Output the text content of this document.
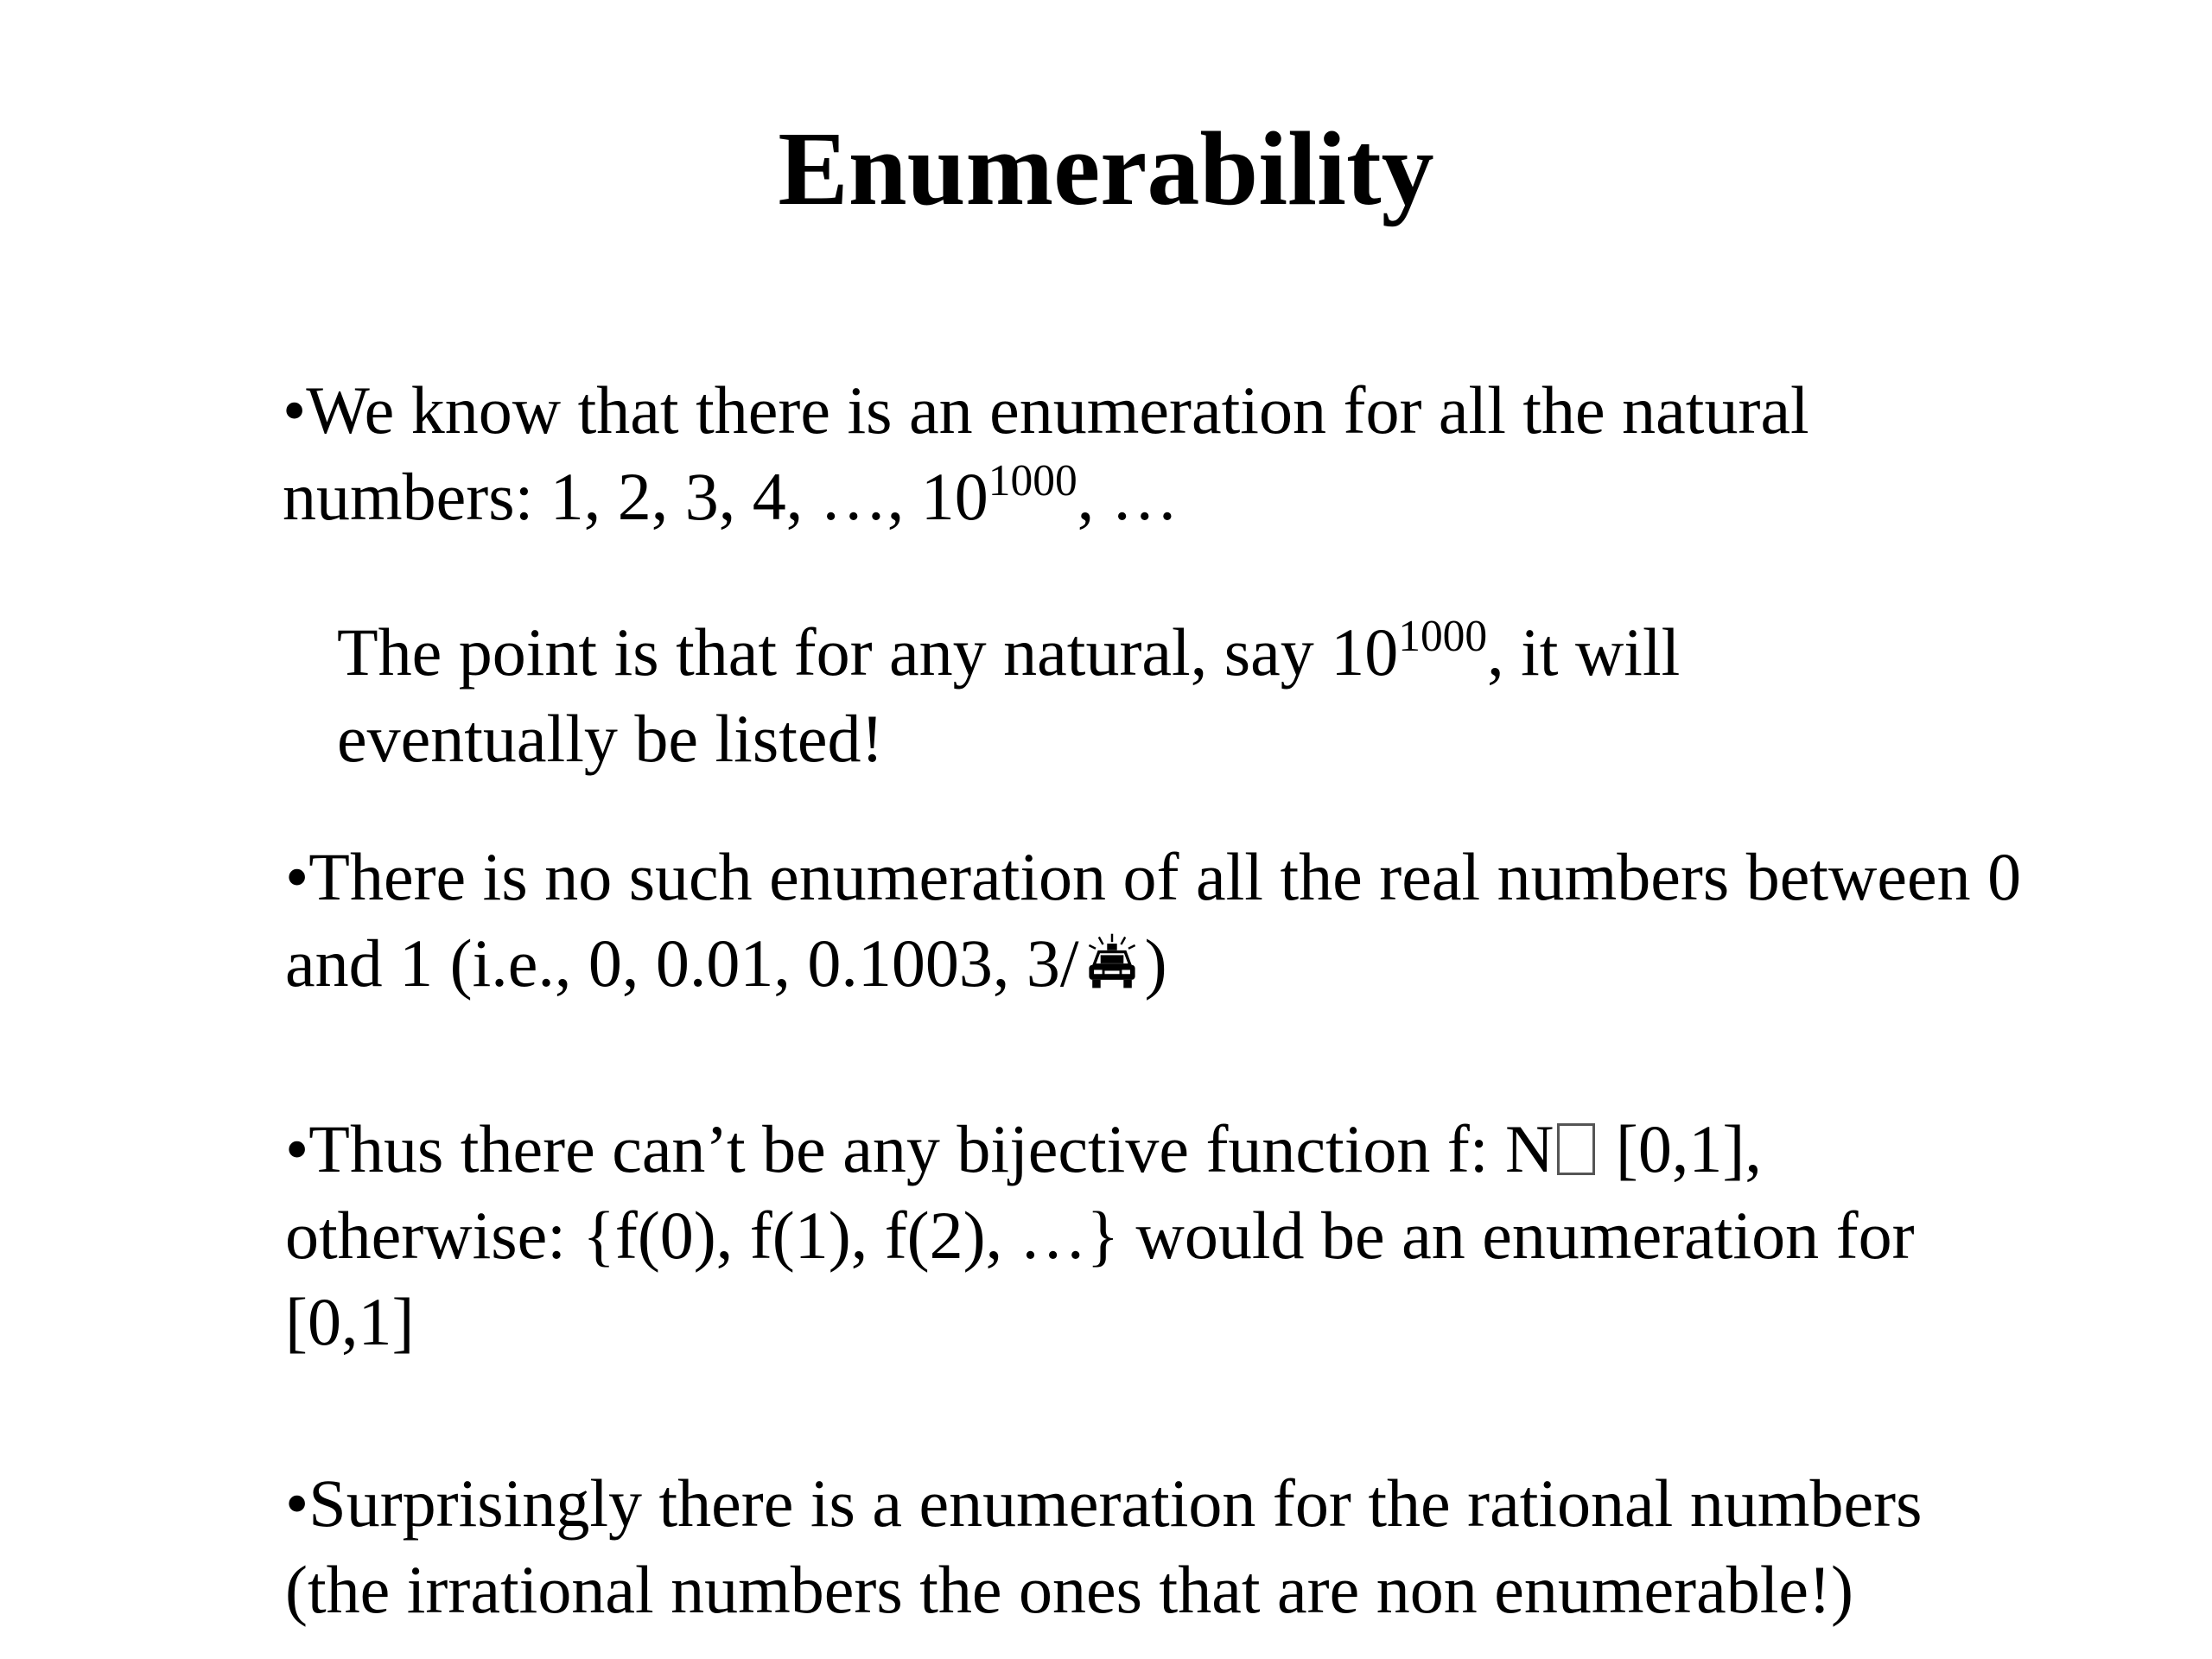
Enumerability
•We know that there is an enumeration for all the natural
numbers: 1, 2, 3, 4, …, $10^{1000}$, …
The point is that for any natural, say $10^{1000}$, it will
eventually be listed!
•There is no such enumeration of all the real numbers between 0
and 1 (i.e., 0, 0.01, 0.1003, 3/ )
•Thus there can’t be any bijective function f: N [0,1],
otherwise: {f(0), f(1), f(2), …} would be an enumeration for
[0,1]
•Surprisingly there is a enumeration for the rational numbers
(the irrational numbers the ones that are non enumerable!)
